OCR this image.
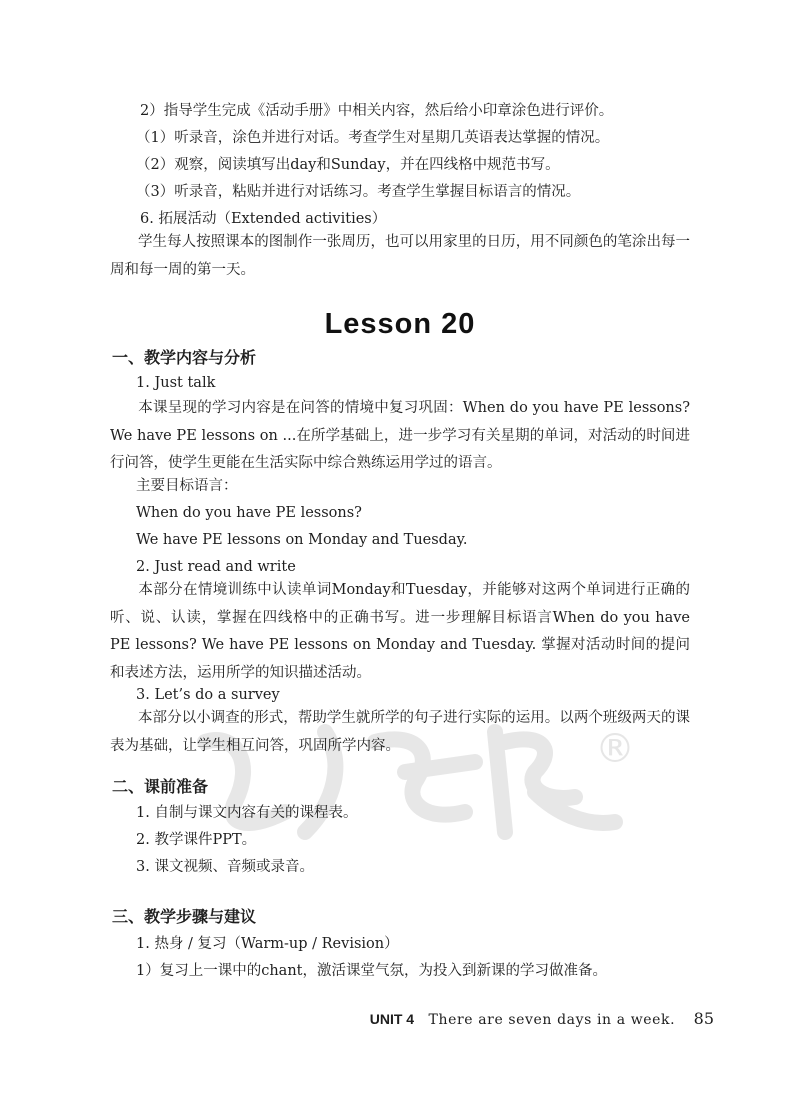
®
2）指导学生完成《活动手册》中相关内容，然后给小印章涂色进行评价。
（1）听录音，涂色并进行对话。考查学生对星期几英语表达掌握的情况。
（2）观察，阅读填写出day和Sunday，并在四线格中规范书写。
（3）听录音，粘贴并进行对话练习。考查学生掌握目标语言的情况。
6. 拓展活动（Extended activities）
学生每人按照课本的图制作一张周历，也可以用家里的日历，用不同颜色的笔涂出每一周和每一周的第一天。
Lesson 20
一、教学内容与分析
1. Just talk
本课呈现的学习内容是在问答的情境中复习巩固：When do you have PE lessons? We have PE lessons on ...在所学基础上，进一步学习有关星期的单词，对活动的时间进行问答，使学生更能在生活实际中综合熟练运用学过的语言。
主要目标语言：
When do you have PE lessons?
We have PE lessons on Monday and Tuesday.
2. Just read and write
本部分在情境训练中认读单词Monday和Tuesday，并能够对这两个单词进行正确的听、说、认读，掌握在四线格中的正确书写。进一步理解目标语言When do you have PE lessons? We have PE lessons on Monday and Tuesday. 掌握对活动时间的提问和表述方法，运用所学的知识描述活动。
3. Let’s do a survey
本部分以小调查的形式，帮助学生就所学的句子进行实际的运用。以两个班级两天的课表为基础，让学生相互问答，巩固所学内容。
二、课前准备
1. 自制与课文内容有关的课程表。
2. 教学课件PPT。
3. 课文视频、音频或录音。
三、教学步骤与建议
1. 热身 / 复习（Warm-up / Revision）
1）复习上一课中的chant，激活课堂气氛，为投入到新课的学习做准备。
UNIT 4 There are seven days in a week. 85
